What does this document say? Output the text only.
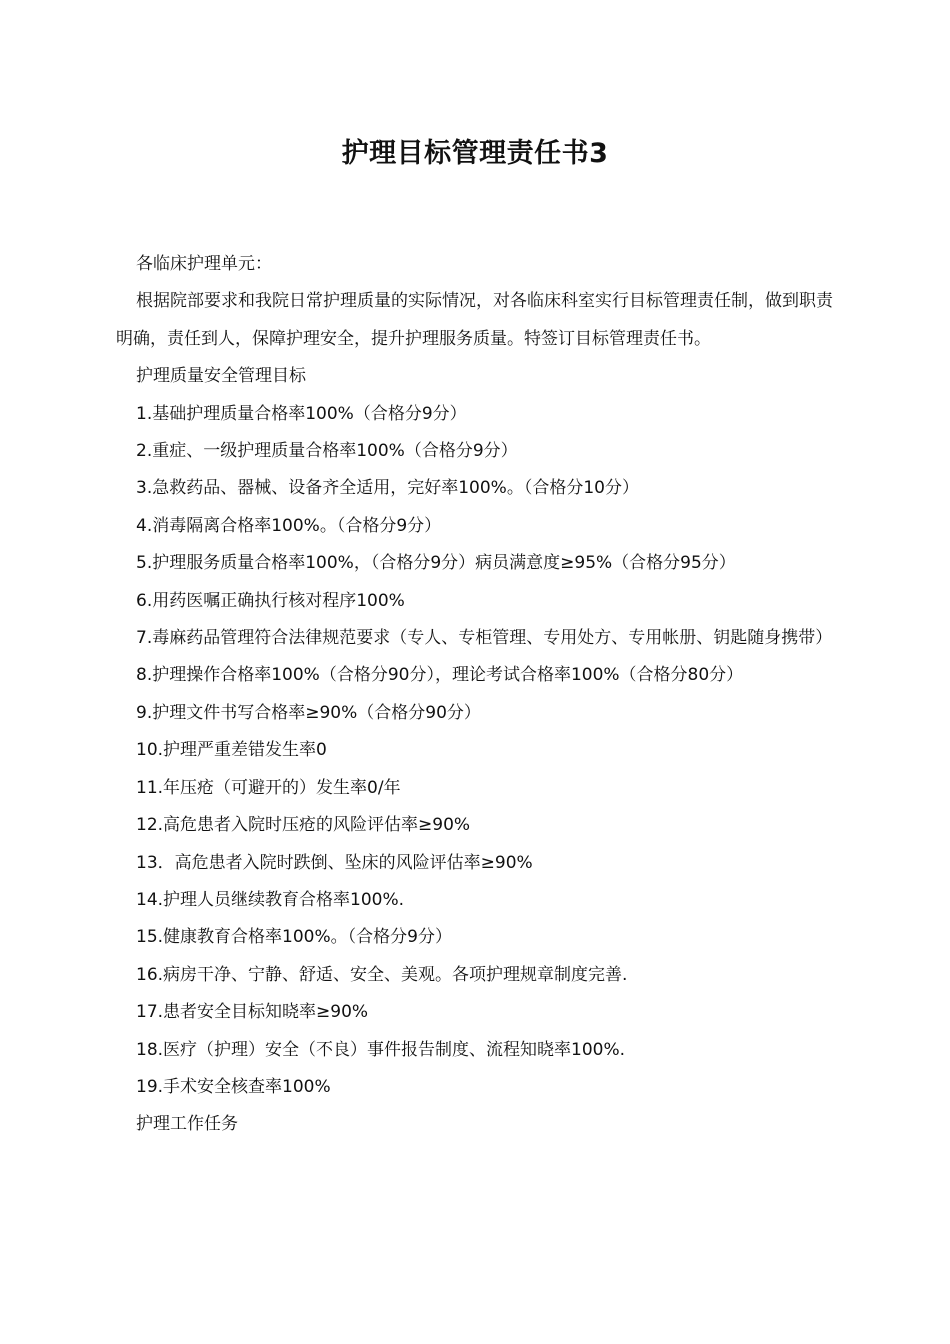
护理目标管理责任书3

各临床护理单元：

根据院部要求和我院日常护理质量的实际情况，对各临床科室实行目标管理责任制，做到职责明确，责任到人，保障护理安全，提升护理服务质量。特签订目标管理责任书。

护理质量安全管理目标

1.基础护理质量合格率100%（合格分9分）

2.重症、一级护理质量合格率100%（合格分9分）

3.急救药品、器械、设备齐全适用，完好率100%。（合格分10分）

4.消毒隔离合格率100%。（合格分9分）

5.护理服务质量合格率100%，（合格分9分）病员满意度≥95%（合格分95分）

6.用药医嘱正确执行核对程序100%

7.毒麻药品管理符合法律规范要求（专人、专柜管理、专用处方、专用帐册、钥匙随身携带）

8.护理操作合格率100%（合格分90分），理论考试合格率100%（合格分80分）

9.护理文件书写合格率≥90%（合格分90分）

10.护理严重差错发生率0

11.年压疮（可避开的）发生率0/年

12.高危患者入院时压疮的风险评估率≥90%

13．高危患者入院时跌倒、坠床的风险评估率≥90%

14.护理人员继续教育合格率100%.

15.健康教育合格率100%。（合格分9分）

16.病房干净、宁静、舒适、安全、美观。各项护理规章制度完善.

17.患者安全目标知晓率≥90%

18.医疗（护理）安全（不良）事件报告制度、流程知晓率100%.

19.手术安全核查率100%

护理工作任务
